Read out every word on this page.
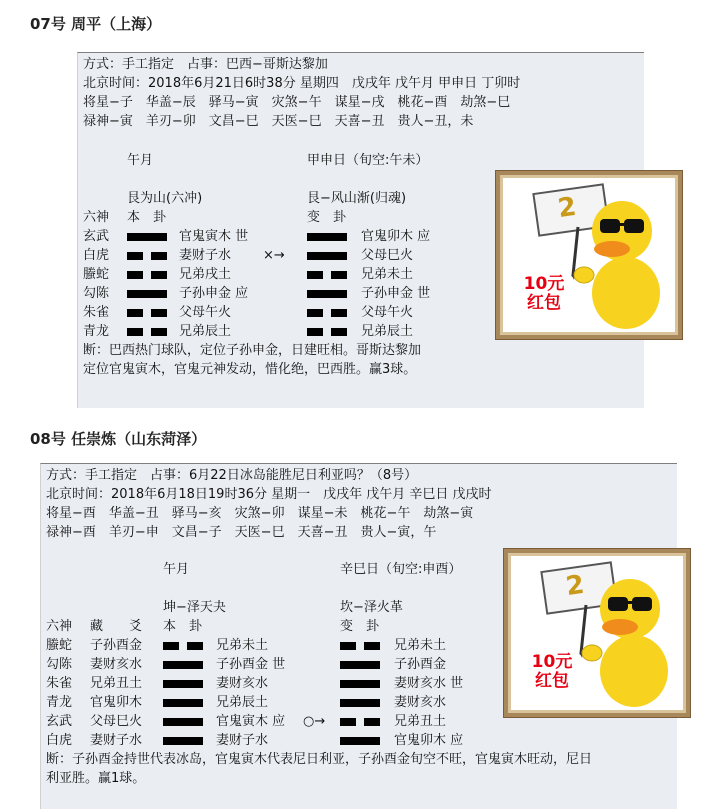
07号 周平（上海）
方式：手工指定　占事：巴西−哥斯达黎加
北京时间：2018年6月21日6时38分 星期四　戊戌年 戊午月 甲申日 丁卯时
将星−子　华盖−辰　驿马−寅　灾煞−午　谋星−戌　桃花−酉　劫煞−巳
禄神−寅　羊刃−卯　文昌−巳　天医−巳　天喜−丑　贵人−丑，未
午月	甲申日（旬空:午未）
艮为山(六冲)	艮−风山渐(归魂)
六神 本　卦	变　卦
玄武	官鬼寅木 世	官鬼卯木 应
白虎	妻财子水 ×→	父母巳火
螣蛇	兄弟戌土	兄弟未土
勾陈	子孙申金 应	子孙申金 世
朱雀	父母午火	父母午火
青龙	兄弟辰土	兄弟辰土
断：巴西热门球队，定位子孙申金，日建旺相。哥斯达黎加
定位官鬼寅木，官鬼元神发动，惜化绝，巴西胜。赢3球。
2
10元
红包
08号 任崇炼（山东菏泽）
方式：手工指定　占事：6月22日冰岛能胜尼日利亚吗？（8号）
北京时间：2018年6月18日19时36分 星期一　戊戌年 戊午月 辛巳日 戊戌时
将星−酉　华盖−丑　驿马−亥　灾煞−卯　谋星−未　桃花−午　劫煞−寅
禄神−酉　羊刃−申　文昌−子　天医−巳　天喜−丑　贵人−寅，午
午月	辛巳日（旬空:申酉）
坤−泽天夬	坎−泽火革
六神 藏　　爻 本　卦	变　卦
螣蛇 子孙酉金	兄弟未土	兄弟未土
勾陈 妻财亥水	子孙酉金 世	子孙酉金
朱雀 兄弟丑土	妻财亥水	妻财亥水 世
青龙 官鬼卯木	兄弟辰土	妻财亥水
玄武 父母巳火	官鬼寅木 应 ○→	兄弟丑土
白虎 妻财子水	妻财子水	官鬼卯木 应
断：子孙酉金持世代表冰岛，官鬼寅木代表尼日利亚，子孙酉金旬空不旺，官鬼寅木旺动，尼日
利亚胜。赢1球。
2
10元
红包
